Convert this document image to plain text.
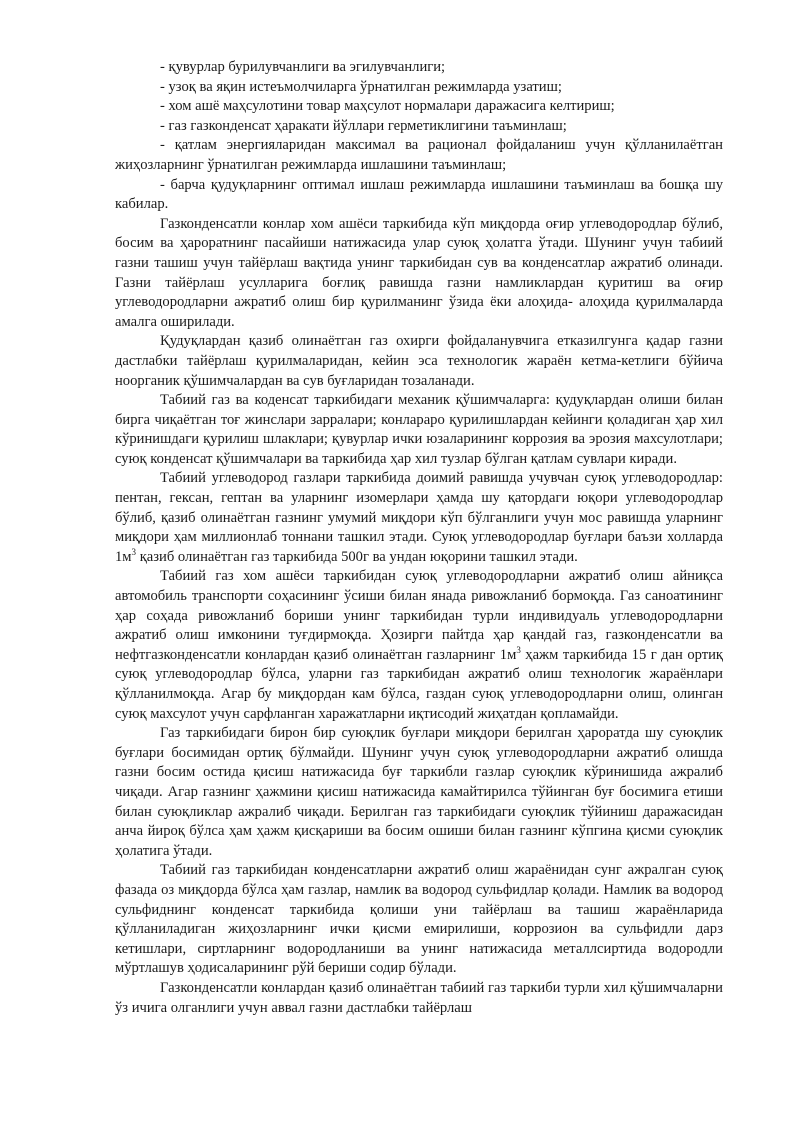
- қувурлар бурилувчанлиги ва эгилувчанлиги;

- узоқ ва яқин истеъмолчиларга ўрнатилган режимларда узатиш;

- хом ашё маҳсулотини товар маҳсулот нормалари даражасига келтириш;

- газ газконденсат ҳаракати йўллари герметиклигини таъминлаш;

- қатлам энергияларидан максимал ва рационал фойдаланиш учун қўлланилаётган жиҳозларнинг ўрнатилган режимларда ишлашини таъминлаш;

- барча қудуқларнинг оптимал ишлаш режимларда ишлашини таъминлаш ва бошқа шу кабилар.

Газконденсатли конлар хом ашёси таркибида кўп миқдорда оғир углеводородлар бўлиб, босим ва ҳароратнинг пасайиши натижасида улар суюқ ҳолатга ўтади. Шунинг учун табиий газни ташиш учун тайёрлаш вақтида унинг таркибидан сув ва конденсатлар ажратиб олинади. Газни тайёрлаш усулларига боғлиқ равишда газни намликлардан қуритиш ва оғир углеводородларни ажратиб олиш бир қурилманинг ўзида ёки алоҳида- алоҳида қурилмаларда амалга оширилади.

Қудуқлардан қазиб олинаётган газ охирги фойдаланувчига етказилгунга қадар газни дастлабки тайёрлаш қурилмаларидан, кейин эса технологик жараён кетма-кетлиги бўйича ноорганик қўшимчалардан ва сув буғларидан тозаланади.

Табиий газ ва коденсат таркибидаги механик қўшимчаларга: қудуқлардан олиши билан бирга чиқаётган тоғ жинслари зарралари; конлараро қурилишлардан кейинги қоладиган ҳар хил кўринишдаги қурилиш шлаклари; қувурлар ички юзаларининг коррозия ва эрозия махсулотлари; суюқ конденсат қўшимчалари ва таркибида ҳар хил тузлар бўлган қатлам сувлари киради.

Табиий углеводород газлари таркибида доимий равишда учувчан суюқ углеводородлар: пентан, гексан, гептан ва уларнинг изомерлари ҳамда шу қатордаги юқори углеводородлар бўлиб, қазиб олинаётган газнинг умумий миқдори кўп бўлганлиги учун мос равишда уларнинг миқдори ҳам миллионлаб тоннани ташкил этади. Суюқ углеводородлар буғлари баъзи холларда $1м^3$ қазиб олинаётган газ таркибида 500г ва ундан юқорини ташкил этади.

Табиий газ хом ашёси таркибидан суюқ углеводородларни ажратиб олиш айниқса автомобиль транспорти соҳасининг ўсиши билан янада ривожланиб бормоқда. Газ саноатининг ҳар соҳада ривожланиб бориши унинг таркибидан турли индивидуаль углеводородларни ажратиб олиш имконини туғдирмоқда. Ҳозирги пайтда ҳар қандай газ, газконденсатли ва нефтгазконденсатли конлардан қазиб олинаётган газларнинг $1м^3$ ҳажм таркибида 15 г дан ортиқ суюқ углеводородлар бўлса, уларни газ таркибидан ажратиб олиш технологик жараёнлари қўлланилмоқда. Агар бу миқдордан кам бўлса, газдан суюқ углеводородларни олиш, олинган суюқ махсулот учун сарфланган харажатларни иқтисодий жиҳатдан қопламайди.

Газ таркибидаги бирон бир суюқлик буғлари миқдори берилган ҳароратда шу суюқлик буғлари босимидан ортиқ бўлмайди. Шунинг учун суюқ углеводородларни ажратиб олишда газни босим остида қисиш натижасида буғ таркибли газлар суюқлик кўринишида ажралиб чиқади. Агар газнинг ҳажмини қисиш натижасида камайтирилса тўйинган буғ босимига етиши билан суюқликлар ажралиб чиқади. Берилган газ таркибидаги суюқлик тўйиниш даражасидан анча йироқ бўлса ҳам ҳажм қисқариши ва босим ошиши билан газнинг кўпгина қисми суюқлик ҳолатига ўтади.

Табиий газ таркибидан конденсатларни ажратиб олиш жараёнидан сунг ажралган суюқ фазада оз миқдорда бўлса ҳам газлар, намлик ва водород сульфидлар қолади. Намлик ва водород сульфиднинг конденсат таркибида қолиши уни тайёрлаш ва ташиш жараёнларида қўлланиладиган жиҳозларнинг ички қисми емирилиши, коррозион ва сульфидли дарз кетишлари, сиртларнинг водородланиши ва унинг натижасида металлсиртида водородли мўртлашув ҳодисаларининг рўй бериши содир бўлади.

Газконденсатли конлардан қазиб олинаётган табиий газ таркиби турли хил қўшимчаларни ўз ичига олганлиги учун аввал газни дастлабки тайёрлаш
